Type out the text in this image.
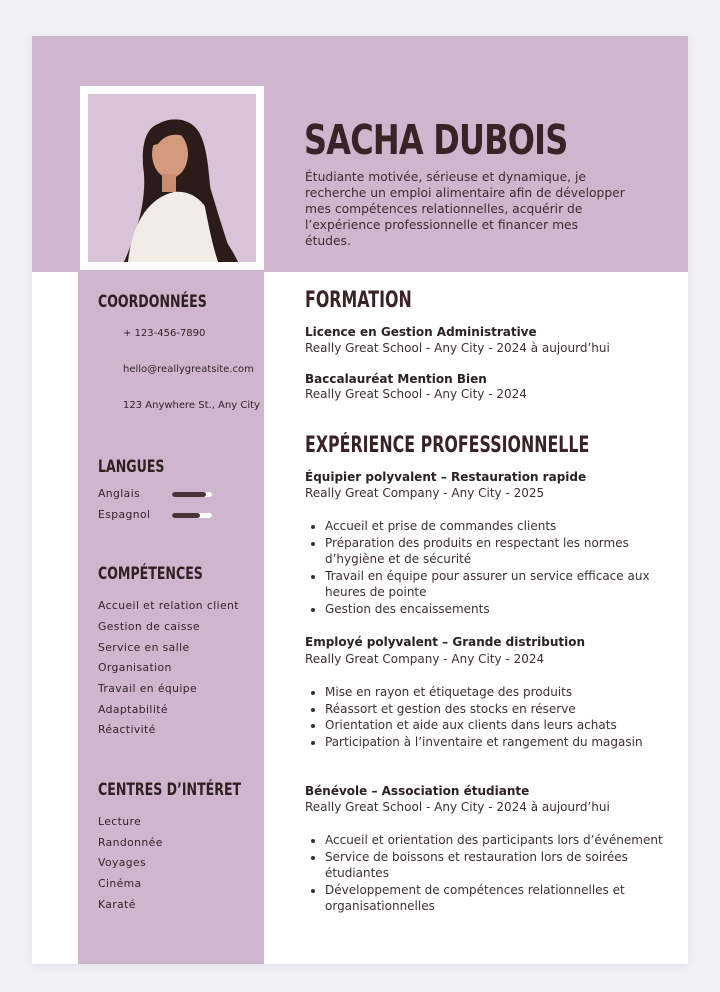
SACHA DUBOIS
Étudiante motivée, sérieuse et dynamique, je recherche un emploi alimentaire afin de développer mes compétences relationnelles, acquérir de l’expérience professionnelle et financer mes études.
COORDONNÉES
+ 123-456-7890
hello@reallygreatsite.com
123 Anywhere St., Any City
LANGUES
Anglais
Espagnol
COMPÉTENCES
Accueil et relation client
Gestion de caisse
Service en salle
Organisation
Travail en équipe
Adaptabilité
Réactivité
CENTRES D’INTÉRET
Lecture
Randonnée
Voyages
Cinéma
Karaté
FORMATION
Licence en Gestion Administrative
Really Great School - Any City - 2024 à aujourd’hui
Baccalauréat Mention Bien
Really Great School - Any City - 2024
EXPÉRIENCE PROFESSIONNELLE
Équipier polyvalent – Restauration rapide
Really Great Company - Any City - 2025
• Accueil et prise de commandes clients
• Préparation des produits en respectant les normes d’hygiène et de sécurité
• Travail en équipe pour assurer un service efficace aux heures de pointe
• Gestion des encaissements
Employé polyvalent – Grande distribution
Really Great Company - Any City - 2024
• Mise en rayon et étiquetage des produits
• Réassort et gestion des stocks en réserve
• Orientation et aide aux clients dans leurs achats
• Participation à l’inventaire et rangement du magasin
Bénévole – Association étudiante
Really Great School - Any City - 2024 à aujourd’hui
• Accueil et orientation des participants lors d’événement
• Service de boissons et restauration lors de soirées étudiantes
• Développement de compétences relationnelles et organisationnelles
